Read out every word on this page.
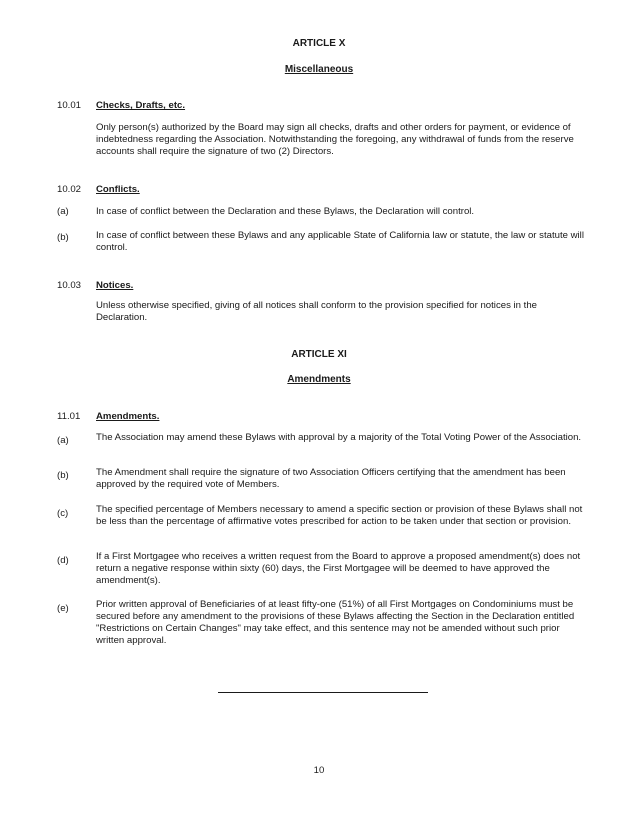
ARTICLE X
Miscellaneous
10.01 Checks, Drafts, etc.
Only person(s) authorized by the Board may sign all checks, drafts and other orders for payment, or evidence of indebtedness regarding the Association. Notwithstanding the foregoing, any withdrawal of funds from the reserve accounts shall require the signature of two (2) Directors.
10.02 Conflicts.
(a)	In case of conflict between the Declaration and these Bylaws, the Declaration will control.
(b)	In case of conflict between these Bylaws and any applicable State of California law or statute, the law or statute will control.
10.03 Notices.
Unless otherwise specified, giving of all notices shall conform to the provision specified for notices in the Declaration.
ARTICLE XI
Amendments
11.01 Amendments.
(a)	The Association may amend these Bylaws with approval by a majority of the Total Voting Power of the Association.
(b)	The Amendment shall require the signature of two Association Officers certifying that the amendment has been approved by the required vote of Members.
(c)	The specified percentage of Members necessary to amend a specific section or provision of these Bylaws shall not be less than the percentage of affirmative votes prescribed for action to be taken under that section or provision.
(d)	If a First Mortgagee who receives a written request from the Board to approve a proposed amendment(s) does not return a negative response within sixty (60) days, the First Mortgagee will be deemed to have approved the amendment(s).
(e)	Prior written approval of Beneficiaries of at least fifty-one (51%) of all First Mortgages on Condominiums must be secured before any amendment to the provisions of these Bylaws affecting the Section in the Declaration entitled "Restrictions on Certain Changes" may take effect, and this sentence may not be amended without such prior written approval.
10
